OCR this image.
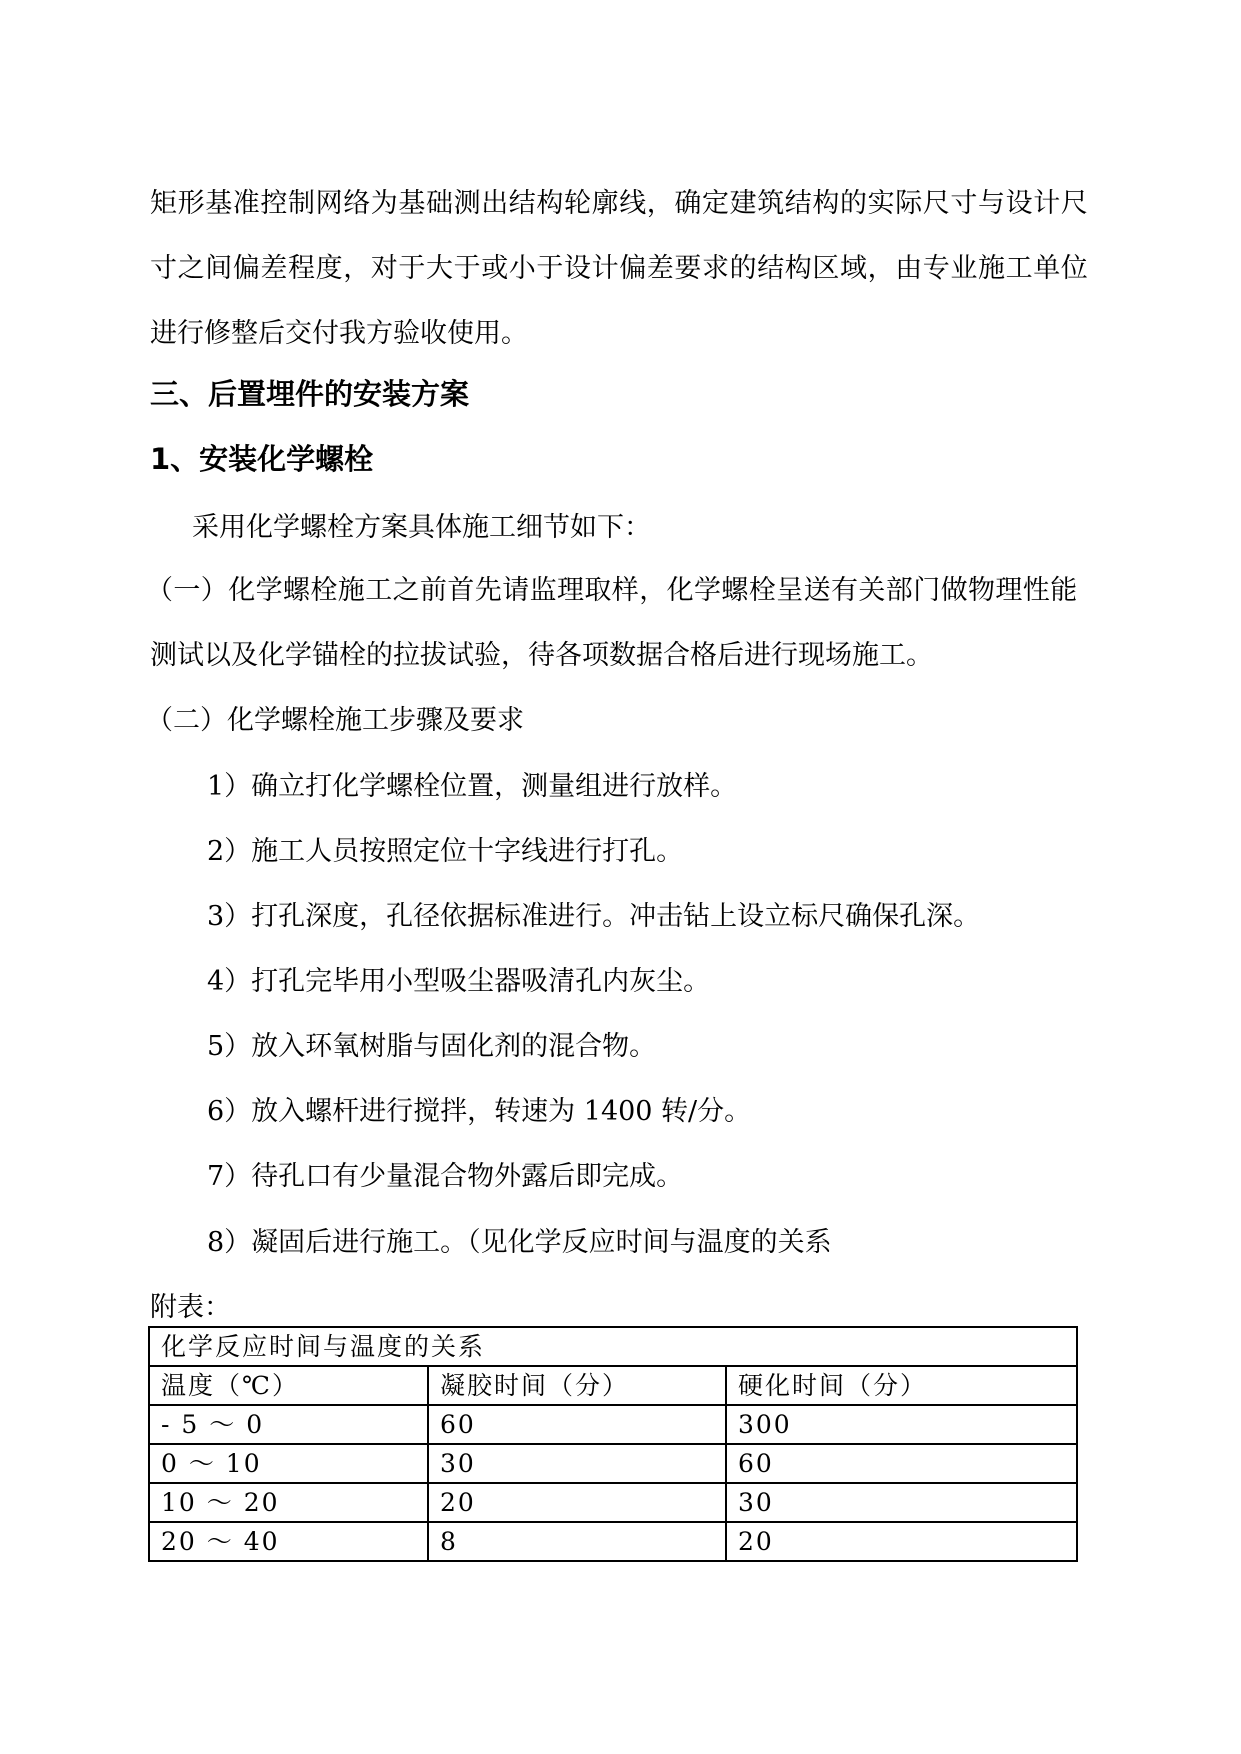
矩形基准控制网络为基础测出结构轮廓线，确定建筑结构的实际尺寸与设计尺
寸之间偏差程度，对于大于或小于设计偏差要求的结构区域，由专业施工单位
进行修整后交付我方验收使用。
三、后置埋件的安装方案
1、安装化学螺栓
采用化学螺栓方案具体施工细节如下：
（一）化学螺栓施工之前首先请监理取样，化学螺栓呈送有关部门做物理性能
测试以及化学锚栓的拉拔试验，待各项数据合格后进行现场施工。
（二）化学螺栓施工步骤及要求
1）确立打化学螺栓位置，测量组进行放样。
2）施工人员按照定位十字线进行打孔。
3）打孔深度，孔径依据标准进行。冲击钻上设立标尺确保孔深。
4）打孔完毕用小型吸尘器吸清孔内灰尘。
5）放入环氧树脂与固化剂的混合物。
6）放入螺杆进行搅拌，转速为 1400 转/分。
7）待孔口有少量混合物外露后即完成。
8）凝固后进行施工。（见化学反应时间与温度的关系
附表：
化学反应时间与温度的关系		
温度（℃）	凝胶时间（分）	硬化时间（分）
- 5 ～ 0	60	300
0 ～ 10	30	60
10 ～ 20	20	30
20 ～ 40	8	20
